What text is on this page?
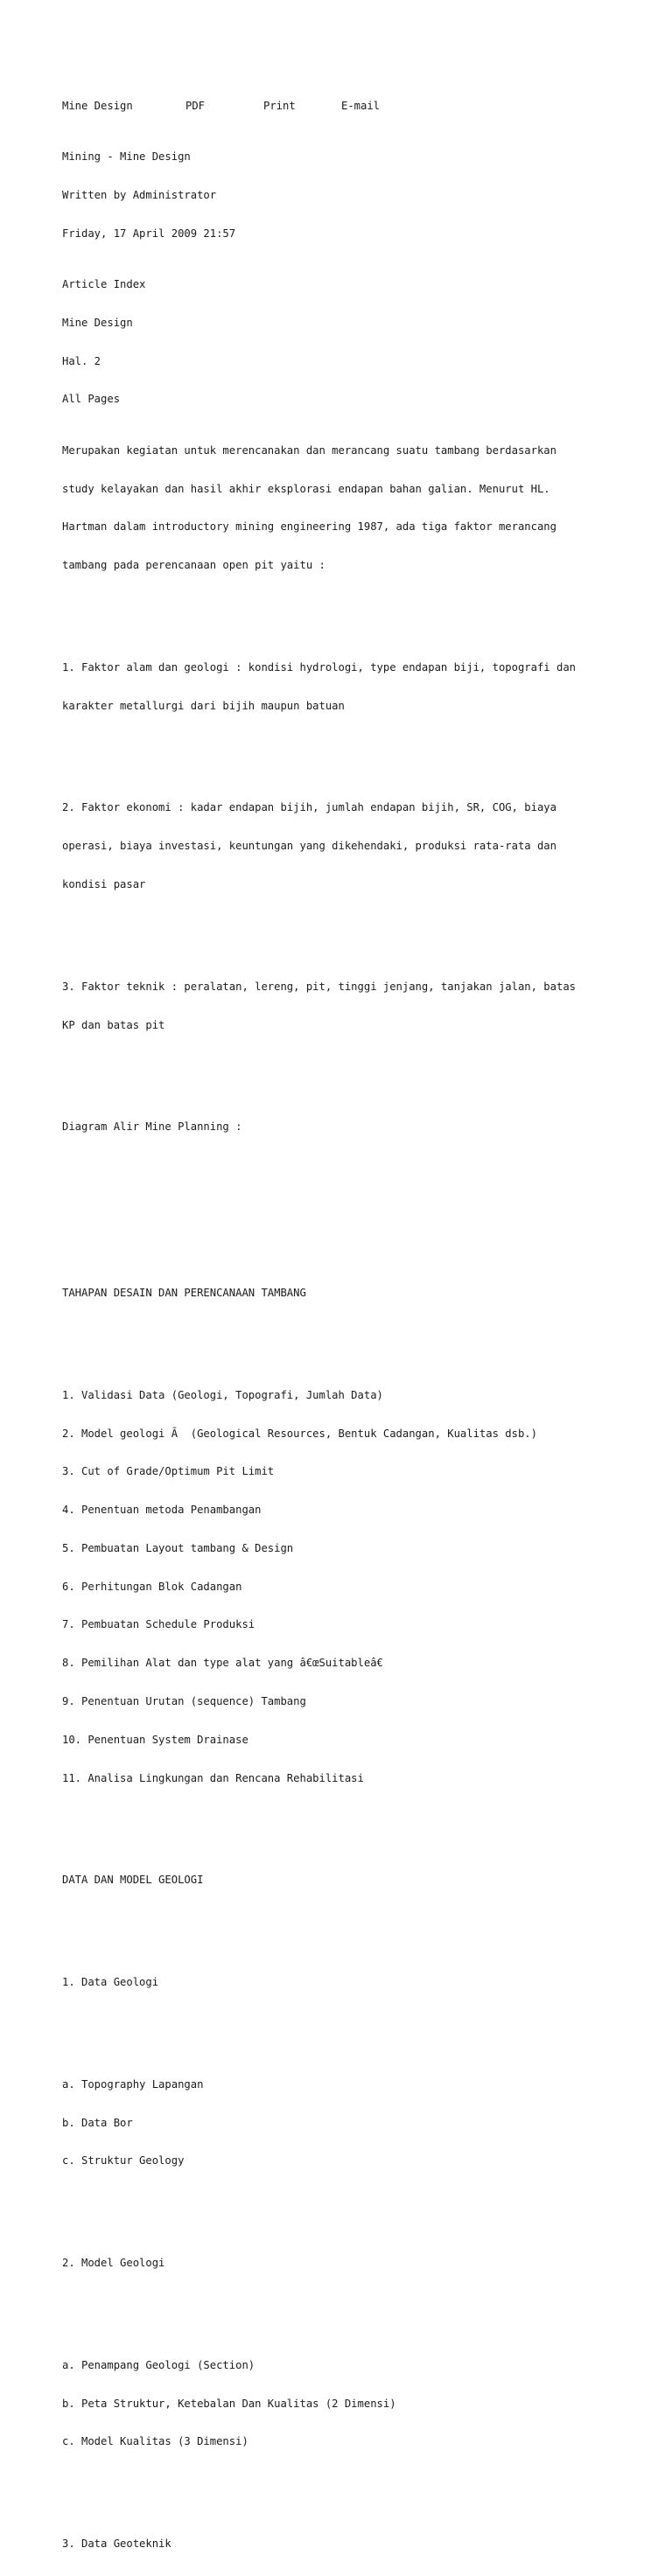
Mine Design

	PDF

	Print

	E-mail

Mining - Mine Design

Written by Administrator

Friday, 17 April 2009 21:57

Article Index

Mine Design

Hal. 2

All Pages

Merupakan kegiatan untuk merencanakan dan merancang suatu tambang berdasarkan

study kelayakan dan hasil akhir eksplorasi endapan bahan galian. Menurut HL.

Hartman dalam introductory mining engineering 1987, ada tiga faktor merancang

tambang pada perencanaan open pit yaitu :

1. Faktor alam dan geologi : kondisi hydrologi, type endapan biji, topografi dan

karakter metallurgi dari bijih maupun batuan

2. Faktor ekonomi : kadar endapan bijih, jumlah endapan bijih, SR, COG, biaya

operasi, biaya investasi, keuntungan yang dikehendaki, produksi rata-rata dan

kondisi pasar

3. Faktor teknik : peralatan, lereng, pit, tinggi jenjang, tanjakan jalan, batas

KP dan batas pit

Diagram Alir Mine Planning :

TAHAPAN DESAIN DAN PERENCANAAN TAMBANG

1. Validasi Data (Geologi, Topografi, Jumlah Data)

2. Model geologi Ã  (Geological Resources, Bentuk Cadangan, Kualitas dsb.)

3. Cut of Grade/Optimum Pit Limit

4. Penentuan metoda Penambangan

5. Pembuatan Layout tambang & Design

6. Perhitungan Blok Cadangan

7. Pembuatan Schedule Produksi

8. Pemilihan Alat dan type alat yang â€œSuitableâ€

9. Penentuan Urutan (sequence) Tambang

10. Penentuan System Drainase

11. Analisa Lingkungan dan Rencana Rehabilitasi

DATA DAN MODEL GEOLOGI

1. Data Geologi

a. Topography Lapangan

b. Data Bor

c. Struktur Geology

2. Model Geologi

a. Penampang Geologi (Section)

b. Peta Struktur, Ketebalan Dan Kualitas (2 Dimensi)

c. Model Kualitas (3 Dimensi)

3. Data Geoteknik
